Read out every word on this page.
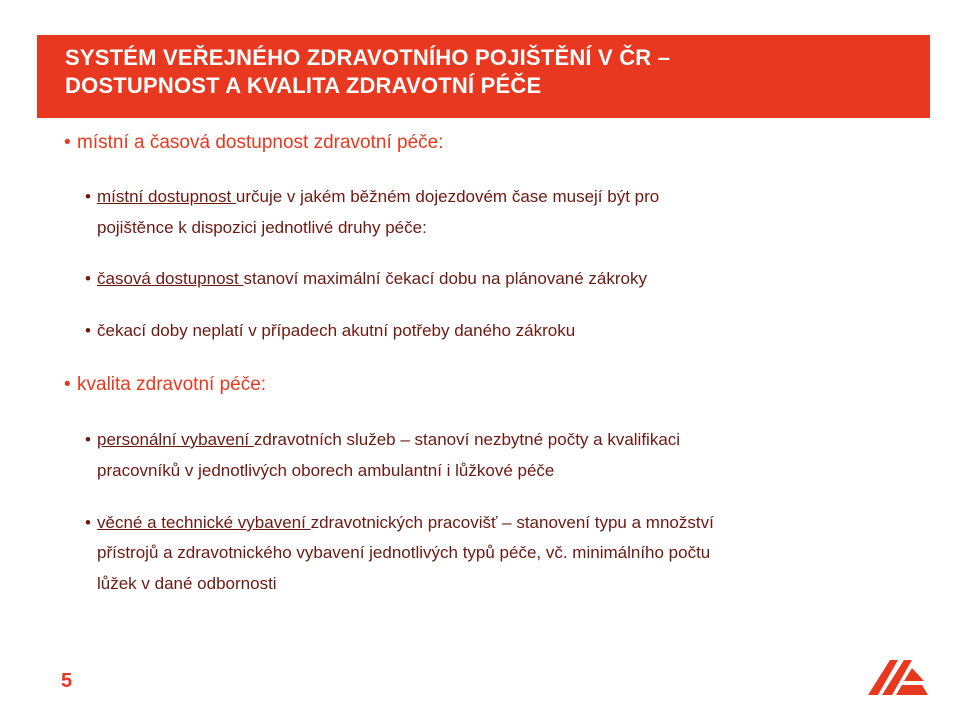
SYSTÉM VEŘEJNÉHO ZDRAVOTNÍHO POJIŠTĚNÍ V ČR –
DOSTUPNOST A KVALITA ZDRAVOTNÍ PÉČE
• místní a časová dostupnost zdravotní péče:
• místní dostupnost určuje v jakém běžném dojezdovém čase musejí být pro
pojištěnce k dispozici jednotlivé druhy péče:
• časová dostupnost stanoví maximální čekací dobu na plánované zákroky
• čekací doby neplatí v případech akutní potřeby daného zákroku
• kvalita zdravotní péče:
• personální vybavení zdravotních služeb – stanoví nezbytné počty a kvalifikaci
pracovníků v jednotlivých oborech ambulantní i lůžkové péče
• věcné a technické vybavení zdravotnických pracovišť – stanovení typu a množství
přístrojů a zdravotnického vybavení jednotlivých typů péče, vč. minimálního počtu
lůžek v dané odbornosti
5
